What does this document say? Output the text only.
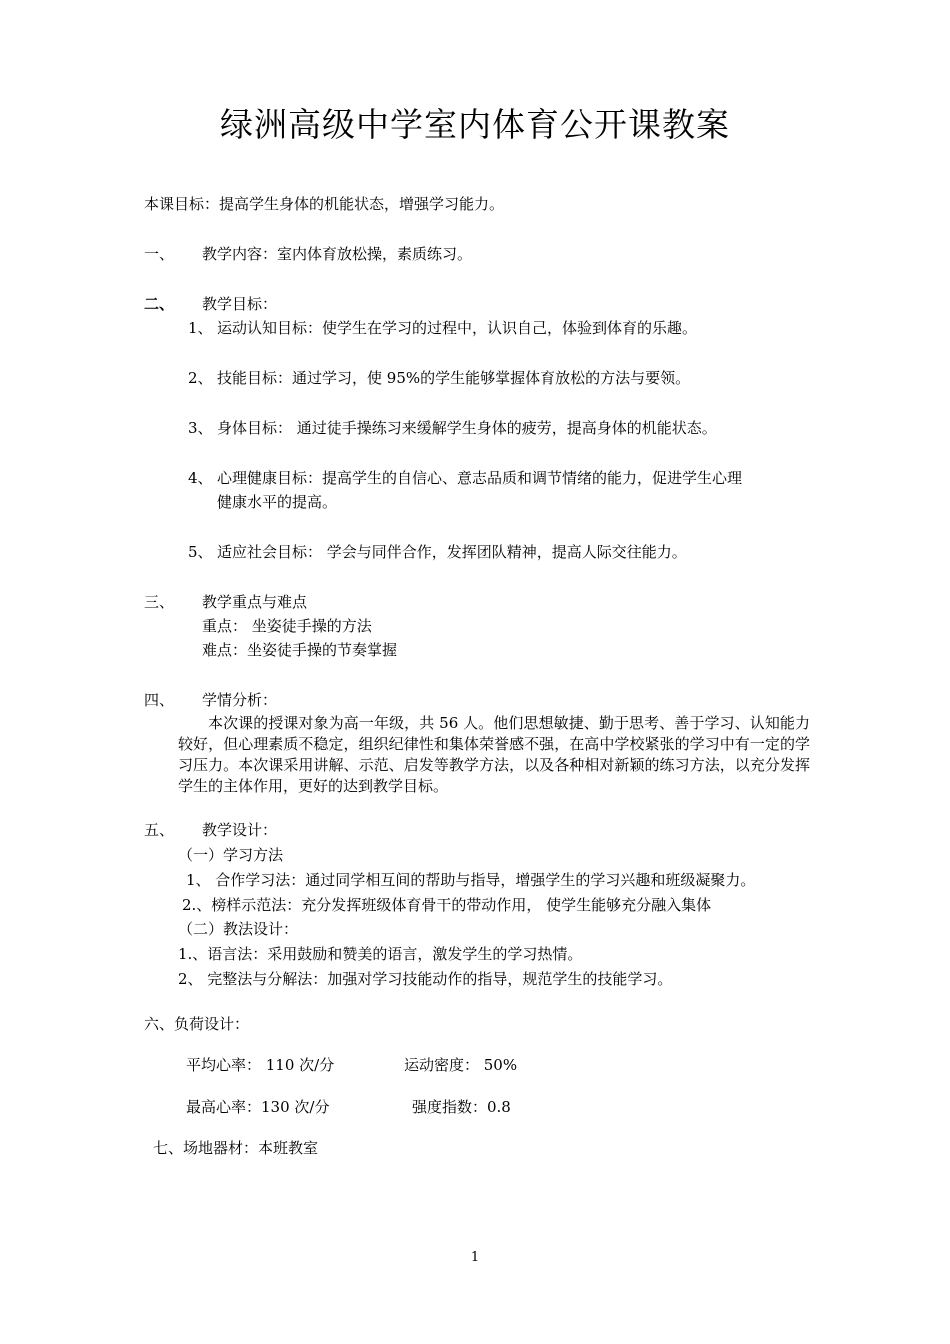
绿洲高级中学室内体育公开课教案
本课目标：提高学生身体的机能状态，增强学习能力。
一、 教学内容：室内体育放松操，素质练习。
二、 教学目标：
1、 运动认知目标：使学生在学习的过程中，认识自己，体验到体育的乐趣。
2、 技能目标：通过学习，使 95%的学生能够掌握体育放松的方法与要领。
3、 身体目标： 通过徒手操练习来缓解学生身体的疲劳，提高身体的机能状态。
4、 心理健康目标：提高学生的自信心、意志品质和调节情绪的能力，促进学生心理
健康水平的提高。
5、 适应社会目标： 学会与同伴合作，发挥团队精神，提高人际交往能力。
三、 教学重点与难点
重点： 坐姿徒手操的方法
难点：坐姿徒手操的节奏掌握
四、 学情分析：
本次课的授课对象为高一年级，共 56 人。他们思想敏捷、勤于思考、善于学习、认知能力较好，但心理素质不稳定，组织纪律性和集体荣誉感不强，在高中学校紧张的学习中有一定的学习压力。本次课采用讲解、示范、启发等教学方法，以及各种相对新颖的练习方法，以充分发挥学生的主体作用，更好的达到教学目标。
五、 教学设计：
（一）学习方法
1、 合作学习法：通过同学相互间的帮助与指导，增强学生的学习兴趣和班级凝聚力。
2.、榜样示范法：充分发挥班级体育骨干的带动作用， 使学生能够充分融入集体
（二）教法设计：
1.、语言法：采用鼓励和赞美的语言，激发学生的学习热情。
2、 完整法与分解法：加强对学习技能动作的指导，规范学生的技能学习。
六、负荷设计：
平均心率： 110 次/分	运动密度： 50%
最高心率：130 次/分	强度指数：0.8
七、场地器材：本班教室
1
